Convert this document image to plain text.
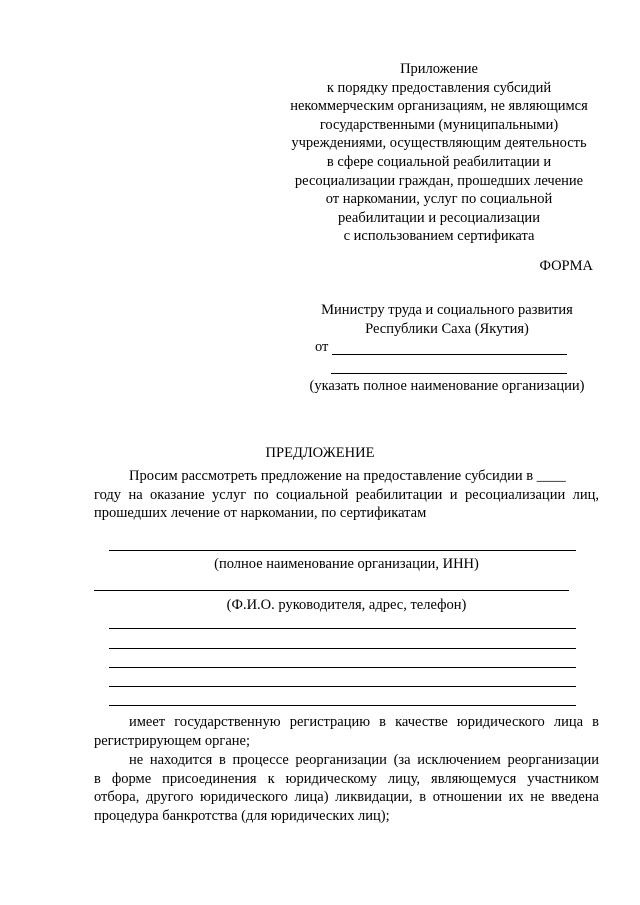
Приложение
к порядку предоставления субсидий
некоммерческим организациям, не являющимся
государственными (муниципальными)
учреждениями, осуществляющим деятельность
в сфере социальной реабилитации и
ресоциализации граждан, прошедших лечение
от наркомании, услуг по социальной
реабилитации и ресоциализации
с использованием сертификата
ФОРМА
Министру труда и социального развития
Республики Саха (Якутия)
от
(указать полное наименование организации)
ПРЕДЛОЖЕНИЕ
Просим рассмотреть предложение на предоставление субсидии в ____
году на оказание услуг по социальной реабилитации и ресоциализации лиц,
прошедших лечение от наркомании, по сертификатам
(полное наименование организации, ИНН)
(Ф.И.О. руководителя, адрес, телефон)
имеет государственную регистрацию в качестве юридического лица в
регистрирующем органе;
не находится в процессе реорганизации (за исключением реорганизации
в форме присоединения к юридическому лицу, являющемуся участником
отбора, другого юридического лица) ликвидации, в отношении их не введена
процедура банкротства (для юридических лиц);
